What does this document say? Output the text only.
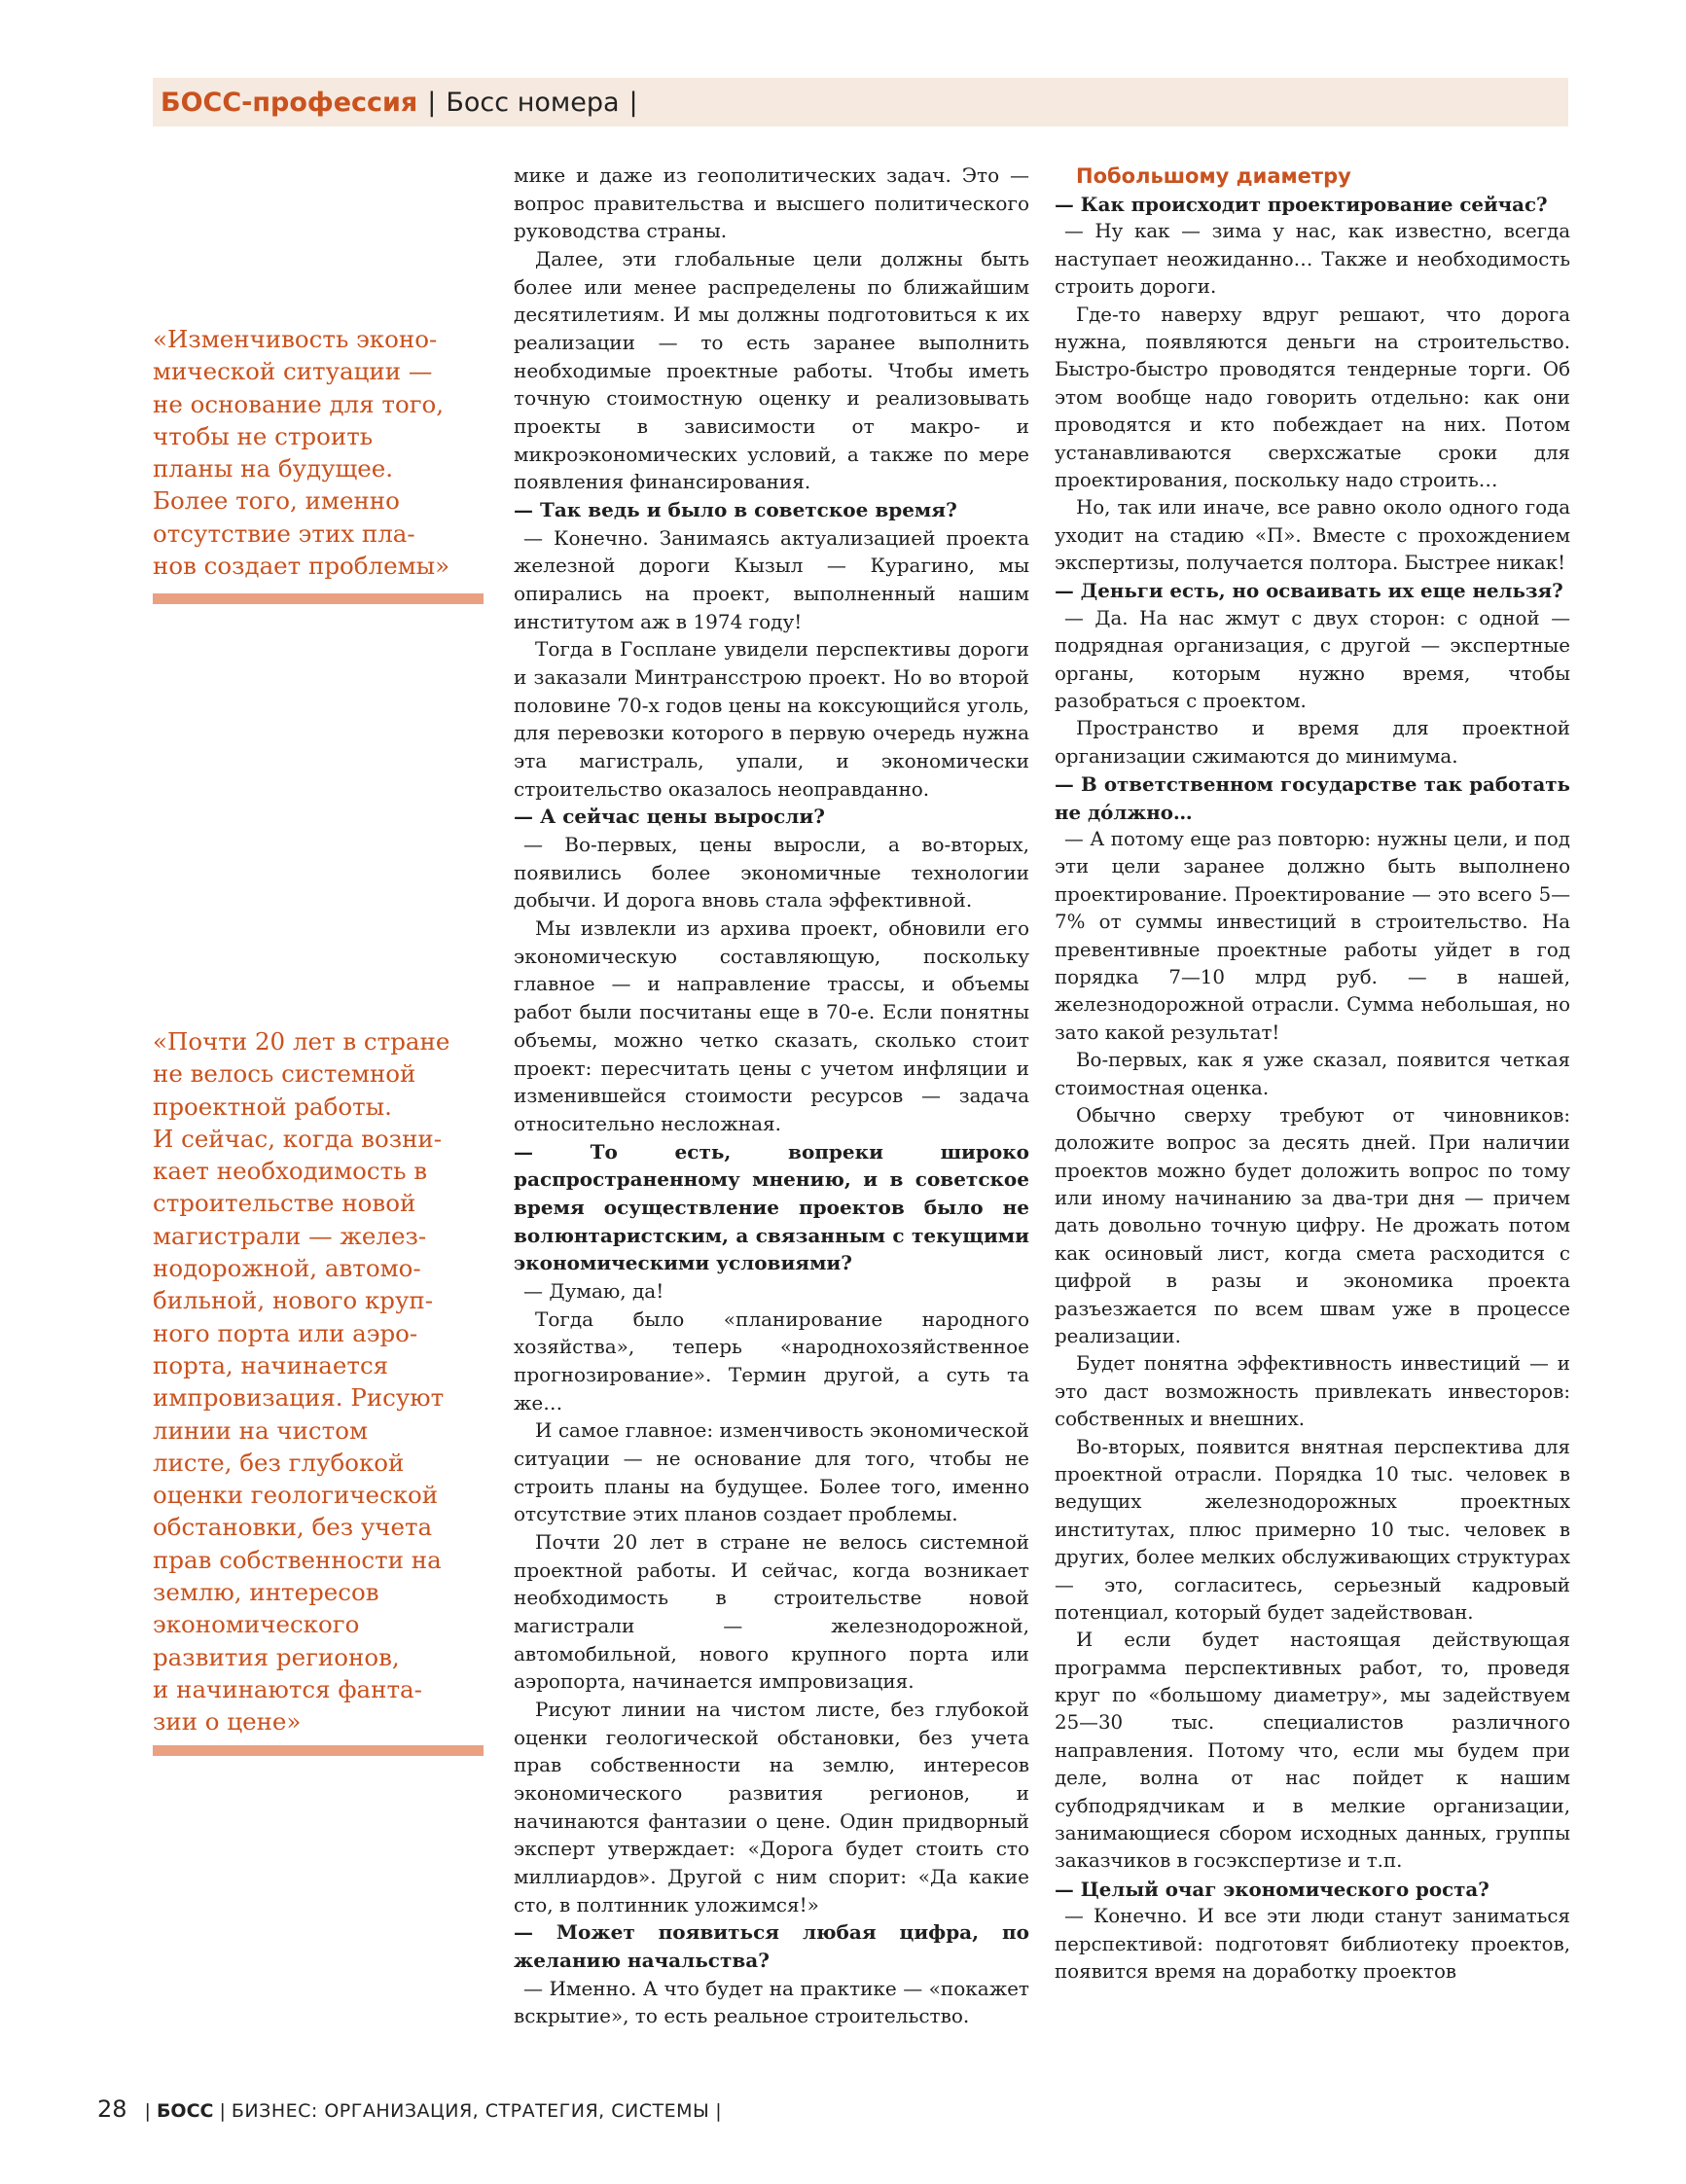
БОСС-профессия | Босс номера |
«Изменчивость эконо-
мической ситуации —
не основание для того,
чтобы не строить
планы на будущее.
Более того, именно
отсутствие этих пла-
нов создает проблемы»
«Почти 20 лет в стране
не велось системной
проектной работы.
И сейчас, когда возни-
кает необходимость в
строительстве новой
магистрали — желез-
нодорожной, автомо-
бильной, нового круп-
ного порта или аэро-
порта, начинается
импровизация. Рисуют
линии на чистом
листе, без глубокой
оценки геологической
обстановки, без учета
прав собственности на
землю, интересов
экономического
развития регионов,
и начинаются фанта-
зии о цене»

мике и даже из геополитических задач. Это — вопрос правительства и высшего политического руководства страны.

Далее, эти глобальные цели должны быть более или менее распределены по ближайшим десятилетиям. И мы должны подготовиться к их реализации — то есть заранее выполнить необходимые проектные работы. Чтобы иметь точную стоимостную оценку и реализовывать проекты в зависимости от макро- и микроэкономических условий, а также по мере появления финансирования.

— Так ведь и было в советское время?

— Конечно. Занимаясь актуализацией проекта железной дороги Кызыл — Курагино, мы опирались на проект, выполненный нашим институтом аж в 1974 году!

Тогда в Госплане увидели перспективы дороги и заказали Минтрансстрою проект. Но во второй половине 70-х годов цены на коксующийся уголь, для перевозки которого в первую очередь нужна эта магистраль, упали, и экономически строительство оказалось неоправданно.

— А сейчас цены выросли?

— Во-первых, цены выросли, а во-вторых, появились более экономичные технологии добычи. И дорога вновь стала эффективной.

Мы извлекли из архива проект, обновили его экономическую составляющую, поскольку главное — и направление трассы, и объемы работ были посчитаны еще в 70-е. Если понятны объемы, можно четко сказать, сколько стоит проект: пересчитать цены с учетом инфляции и изменившейся стоимости ресурсов — задача относительно несложная.

— То есть, вопреки широко распространенному мнению, и в советское время осуществление проектов было не волюнтаристским, а связанным с текущими экономическими условиями?

— Думаю, да!

Тогда было «планирование народного хозяйства», теперь «народнохозяйственное прогнозирование». Термин другой, а суть та же…

И самое главное: изменчивость экономической ситуации — не основание для того, чтобы не строить планы на будущее. Более того, именно отсутствие этих планов создает проблемы.

Почти 20 лет в стране не велось системной проектной работы. И сейчас, когда возникает необходимость в строительстве новой магистрали — железнодорожной, автомобильной, нового крупного порта или аэропорта, начинается импровизация.

Рисуют линии на чистом листе, без глубокой оценки геологической обстановки, без учета прав собственности на землю, интересов экономического развития регионов, и начинаются фантазии о цене. Один придворный эксперт утверждает: «Дорога будет стоить сто миллиардов». Другой с ним спорит: «Да какие сто, в полтинник уложимся!»

— Может появиться любая цифра, по желанию начальства?

— Именно. А что будет на практике — «покажет вскрытие», то есть реальное строительство.

Побольшому диаметру

— Как происходит проектирование сейчас?

— Ну как — зима у нас, как известно, всегда наступает неожиданно… Также и необходимость строить дороги.

Где-то наверху вдруг решают, что дорога нужна, появляются деньги на строительство. Быстро-быстро проводятся тендерные торги. Об этом вообще надо говорить отдельно: как они проводятся и кто побеждает на них. Потом устанавливаются сверхсжатые сроки для проектирования, поскольку надо строить…

Но, так или иначе, все равно около одного года уходит на стадию «П». Вместе с прохождением экспертизы, получается полтора. Быстрее никак!

— Деньги есть, но осваивать их еще нельзя?

— Да. На нас жмут с двух сторон: с одной — подрядная организация, с другой — экспертные органы, которым нужно время, чтобы разобраться с проектом.

Пространство и время для проектной организации сжимаются до минимума.

— В ответственном государстве так работать не дóлжно…

— А потому еще раз повторю: нужны цели, и под эти цели заранее должно быть выполнено проектирование. Проектирование — это всего 5—7% от суммы инвестиций в строительство. На превентивные проектные работы уйдет в год порядка 7—10 млрд руб. — в нашей, железнодорожной отрасли. Сумма небольшая, но зато какой результат!

Во-первых, как я уже сказал, появится четкая стоимостная оценка.

Обычно сверху требуют от чиновников: доложите вопрос за десять дней. При наличии проектов можно будет доложить вопрос по тому или иному начинанию за два-три дня — причем дать довольно точную цифру. Не дрожать потом как осиновый лист, когда смета расходится с цифрой в разы и экономика проекта разъезжается по всем швам уже в процессе реализации.

Будет понятна эффективность инвестиций — и это даст возможность привлекать инвесторов: собственных и внешних.

Во-вторых, появится внятная перспектива для проектной отрасли. Порядка 10 тыс. человек в ведущих железнодорожных проектных институтах, плюс примерно 10 тыс. человек в других, более мелких обслуживающих структурах — это, согласитесь, серьезный кадровый потенциал, который будет задействован.

И если будет настоящая действующая программа перспективных работ, то, проведя круг по «большому диаметру», мы задействуем 25—30 тыс. специалистов различного направления. Потому что, если мы будем при деле, волна от нас пойдет к нашим субподрядчикам и в мелкие организации, занимающиеся сбором исходных данных, группы заказчиков в госэкспертизе и т.п.

— Целый очаг экономического роста?

— Конечно. И все эти люди станут заниматься перспективой: подготовят библиотеку проектов, появится время на доработку проектов

28 | БОСС | БИЗНЕС: ОРГАНИЗАЦИЯ, СТРАТЕГИЯ, СИСТЕМЫ |
